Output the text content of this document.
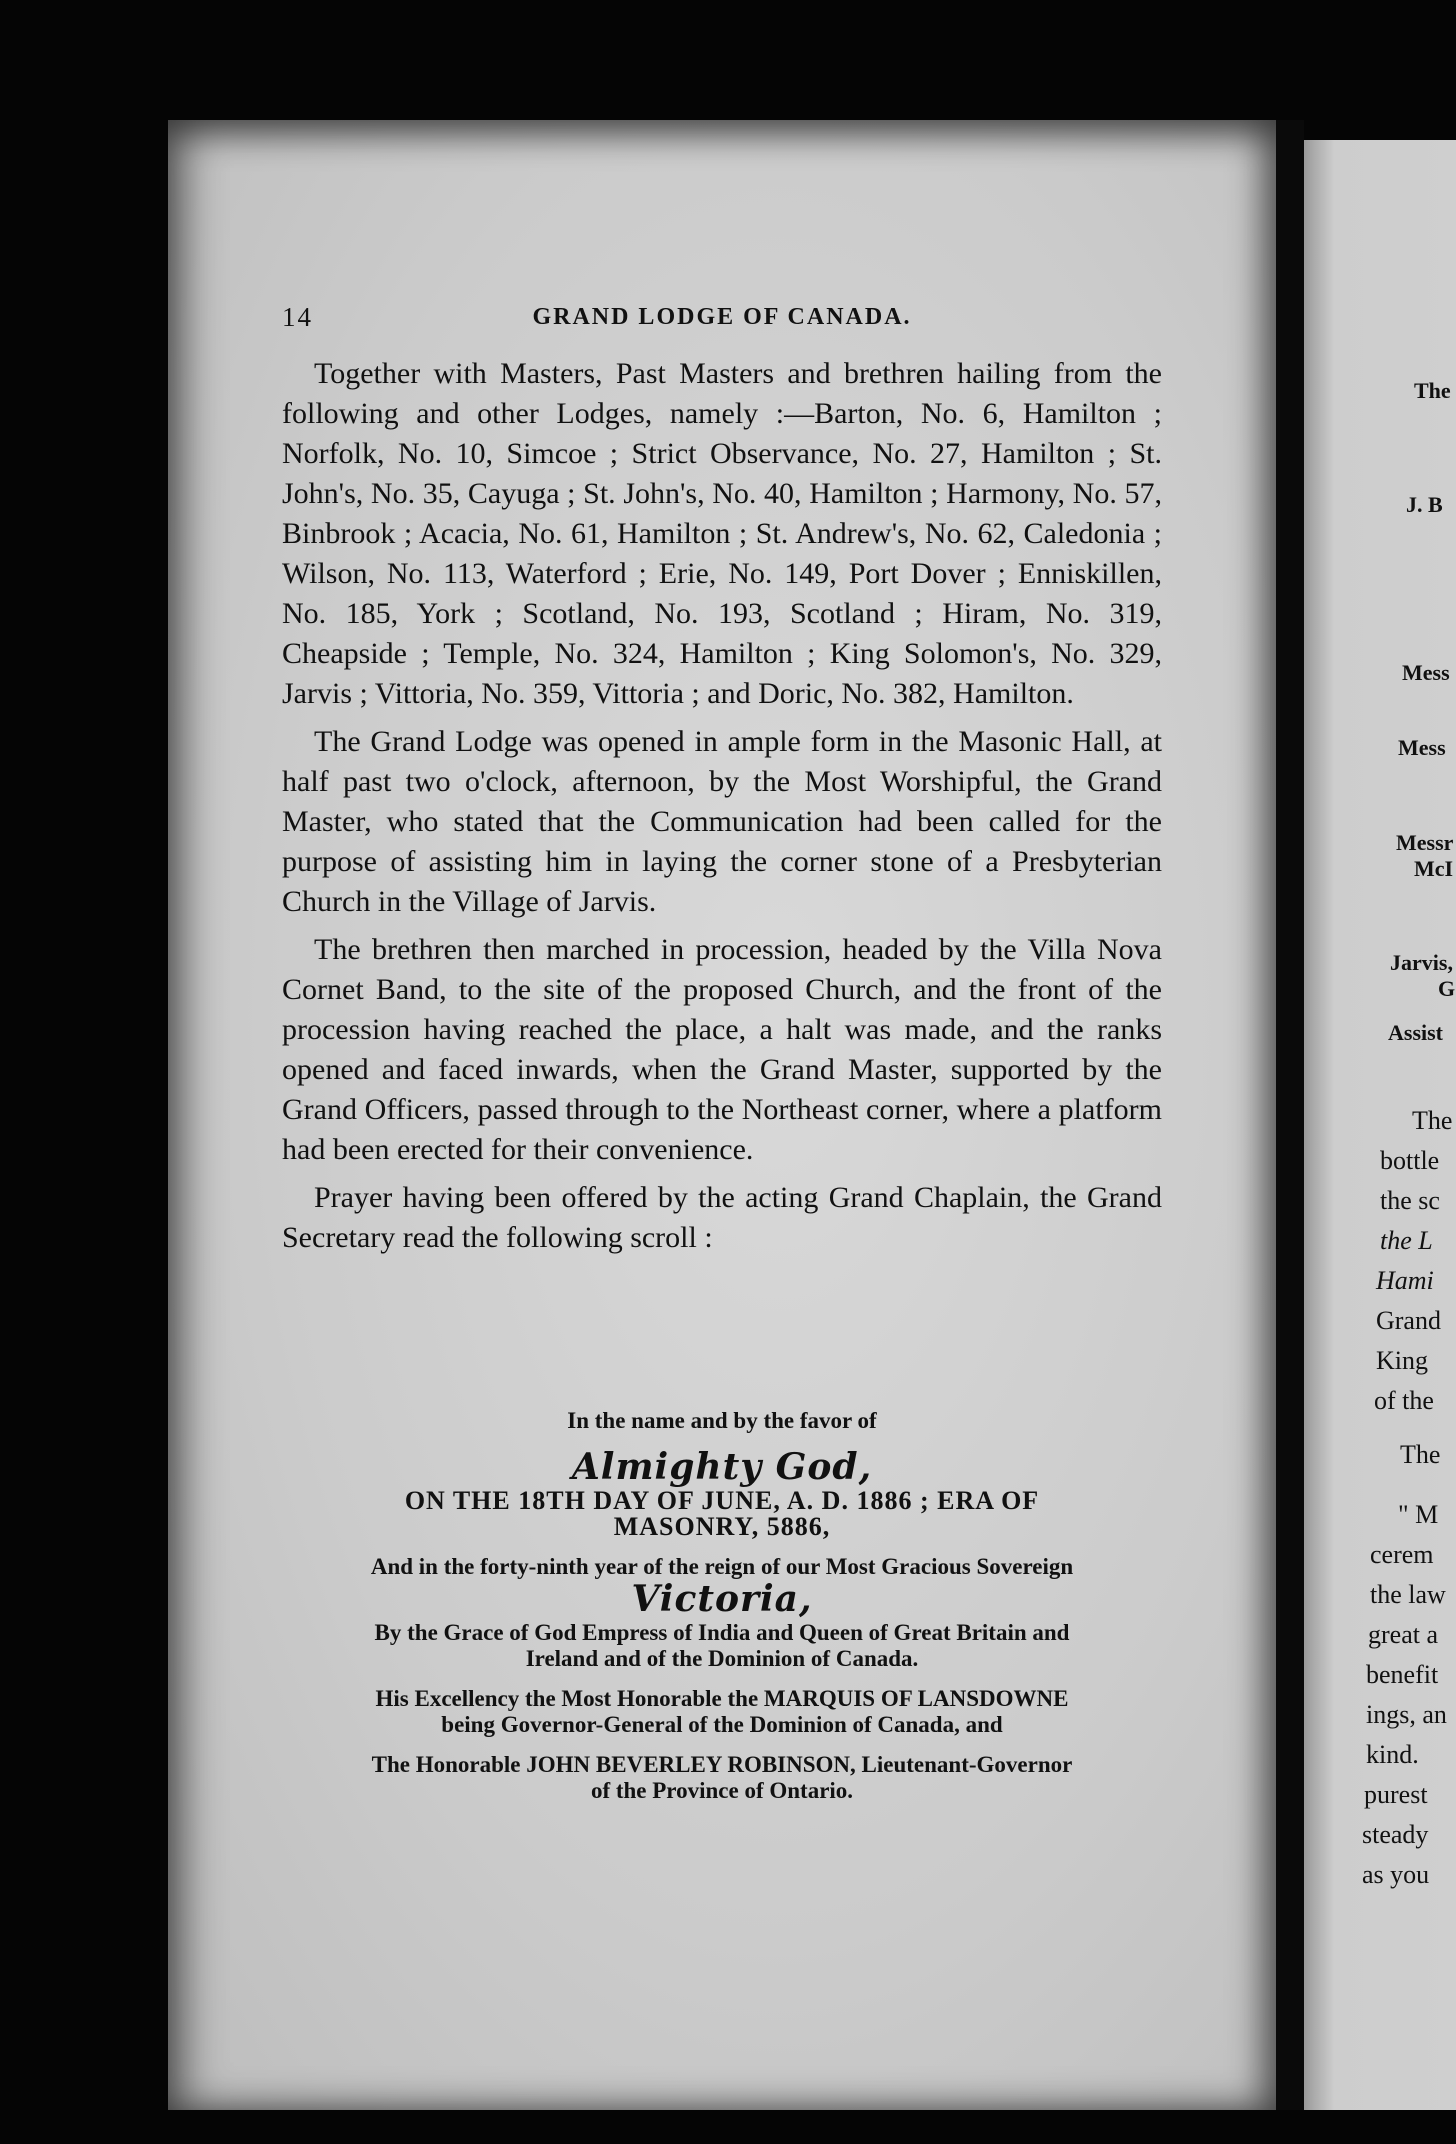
14	GRAND LODGE OF CANADA.

Together with Masters, Past Masters and brethren hailing from the following and other Lodges, namely :—Barton, No. 6, Hamilton ; Norfolk, No. 10, Simcoe ; Strict Observance, No. 27, Hamilton ; St. John's, No. 35, Cayuga ; St. John's, No. 40, Hamilton ; Harmony, No. 57, Binbrook ; Acacia, No. 61, Hamilton ; St. Andrew's, No. 62, Caledonia ; Wilson, No. 113, Waterford ; Erie, No. 149, Port Dover ; Enniskillen, No. 185, York ; Scotland, No. 193, Scotland ; Hiram, No. 319, Cheapside ; Temple, No. 324, Hamilton ; King Solomon's, No. 329, Jarvis ; Vittoria, No. 359, Vittoria ; and Doric, No. 382, Hamilton.

The Grand Lodge was opened in ample form in the Masonic Hall, at half past two o'clock, afternoon, by the Most Worshipful, the Grand Master, who stated that the Communication had been called for the purpose of assisting him in laying the corner stone of a Presbyterian Church in the Village of Jarvis.

The brethren then marched in procession, headed by the Villa Nova Cornet Band, to the site of the proposed Church, and the front of the procession having reached the place, a halt was made, and the ranks opened and faced inwards, when the Grand Master, supported by the Grand Officers, passed through to the Northeast corner, where a platform had been erected for their convenience.

Prayer having been offered by the acting Grand Chaplain, the Grand Secretary read the following scroll :

In the name and by the favor of

Almighty God,

ON THE 18TH DAY OF JUNE, A. D. 1886 ; ERA OF

MASONRY, 5886,

And in the forty-ninth year of the reign of our Most Gracious Sovereign

Victoria,

By the Grace of God Empress of India and Queen of Great Britain and

Ireland and of the Dominion of Canada.

His Excellency the Most Honorable the MARQUIS OF LANSDOWNE

being Governor-General of the Dominion of Canada, and

The Honorable JOHN BEVERLEY ROBINSON, Lieutenant-Governor

of the Province of Ontario.

The
J. B
Mess
Mess
Messr
McI
Jarvis,
G
Assist
The
bottle
the sc
the L
Hami
Grand
King
of the
The
" M
cerem
the law
great a
benefit
ings, an
kind.
purest
steady
as you
